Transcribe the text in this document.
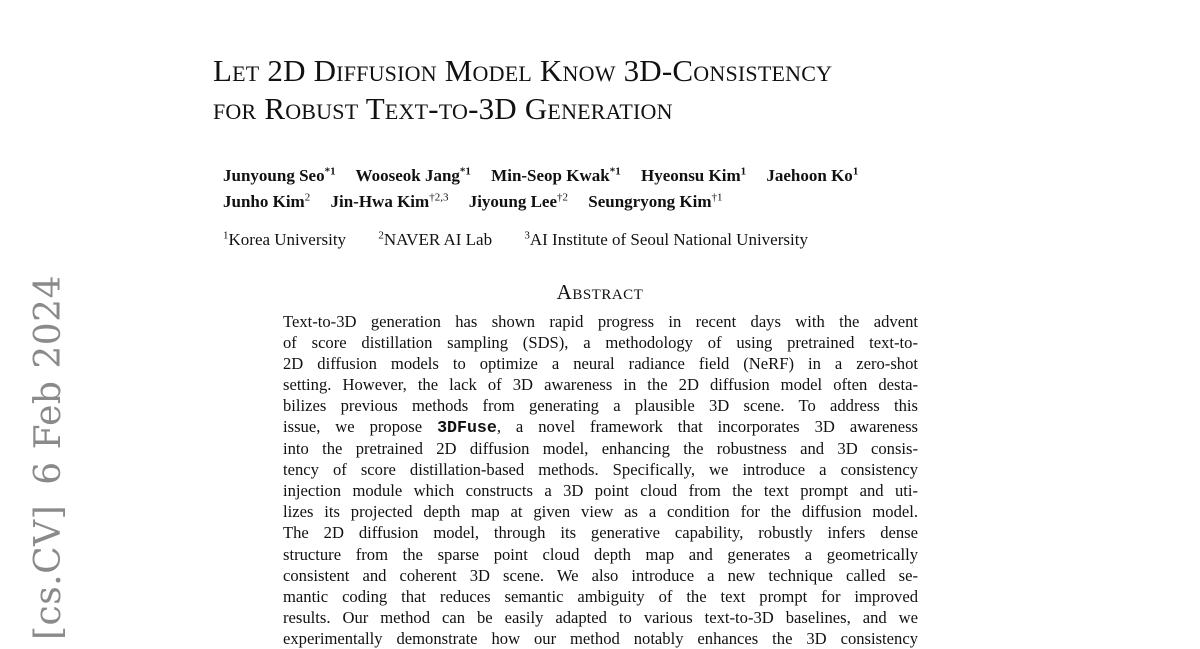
[cs.CV]6 Feb 2024
Let 2D Diffusion Model Know 3D-Consistency
for Robust Text-to-3D Generation
Junyoung Seo$^{*1}$ Wooseok Jang$^{*1}$ Min-Seop Kwak$^{*1}$ Hyeonsu Kim$^1$ Jaehoon Ko$^1$
Junho Kim$^2$ Jin-Hwa Kim$^{\dagger 2,3}$ Jiyoung Lee$^{\dagger 2}$ Seungryong Kim$^{\dagger 1}$
$^1$Korea University	$^2$NAVER AI Lab	$^3$AI Institute of Seoul National University
Abstract
Text-to-3D generation has shown rapid progress in recent days with the advent
of score distillation sampling (SDS), a methodology of using pretrained text-to-
2D diffusion models to optimize a neural radiance field (NeRF) in a zero-shot
setting. However, the lack of 3D awareness in the 2D diffusion model often desta-
bilizes previous methods from generating a plausible 3D scene. To address this
issue, we propose 3DFuse, a novel framework that incorporates 3D awareness
into the pretrained 2D diffusion model, enhancing the robustness and 3D consis-
tency of score distillation-based methods. Specifically, we introduce a consistency
injection module which constructs a 3D point cloud from the text prompt and uti-
lizes its projected depth map at given view as a condition for the diffusion model.
The 2D diffusion model, through its generative capability, robustly infers dense
structure from the sparse point cloud depth map and generates a geometrically
consistent and coherent 3D scene. We also introduce a new technique called se-
mantic coding that reduces semantic ambiguity of the text prompt for improved
results. Our method can be easily adapted to various text-to-3D baselines, and we
experimentally demonstrate how our method notably enhances the 3D consistency
